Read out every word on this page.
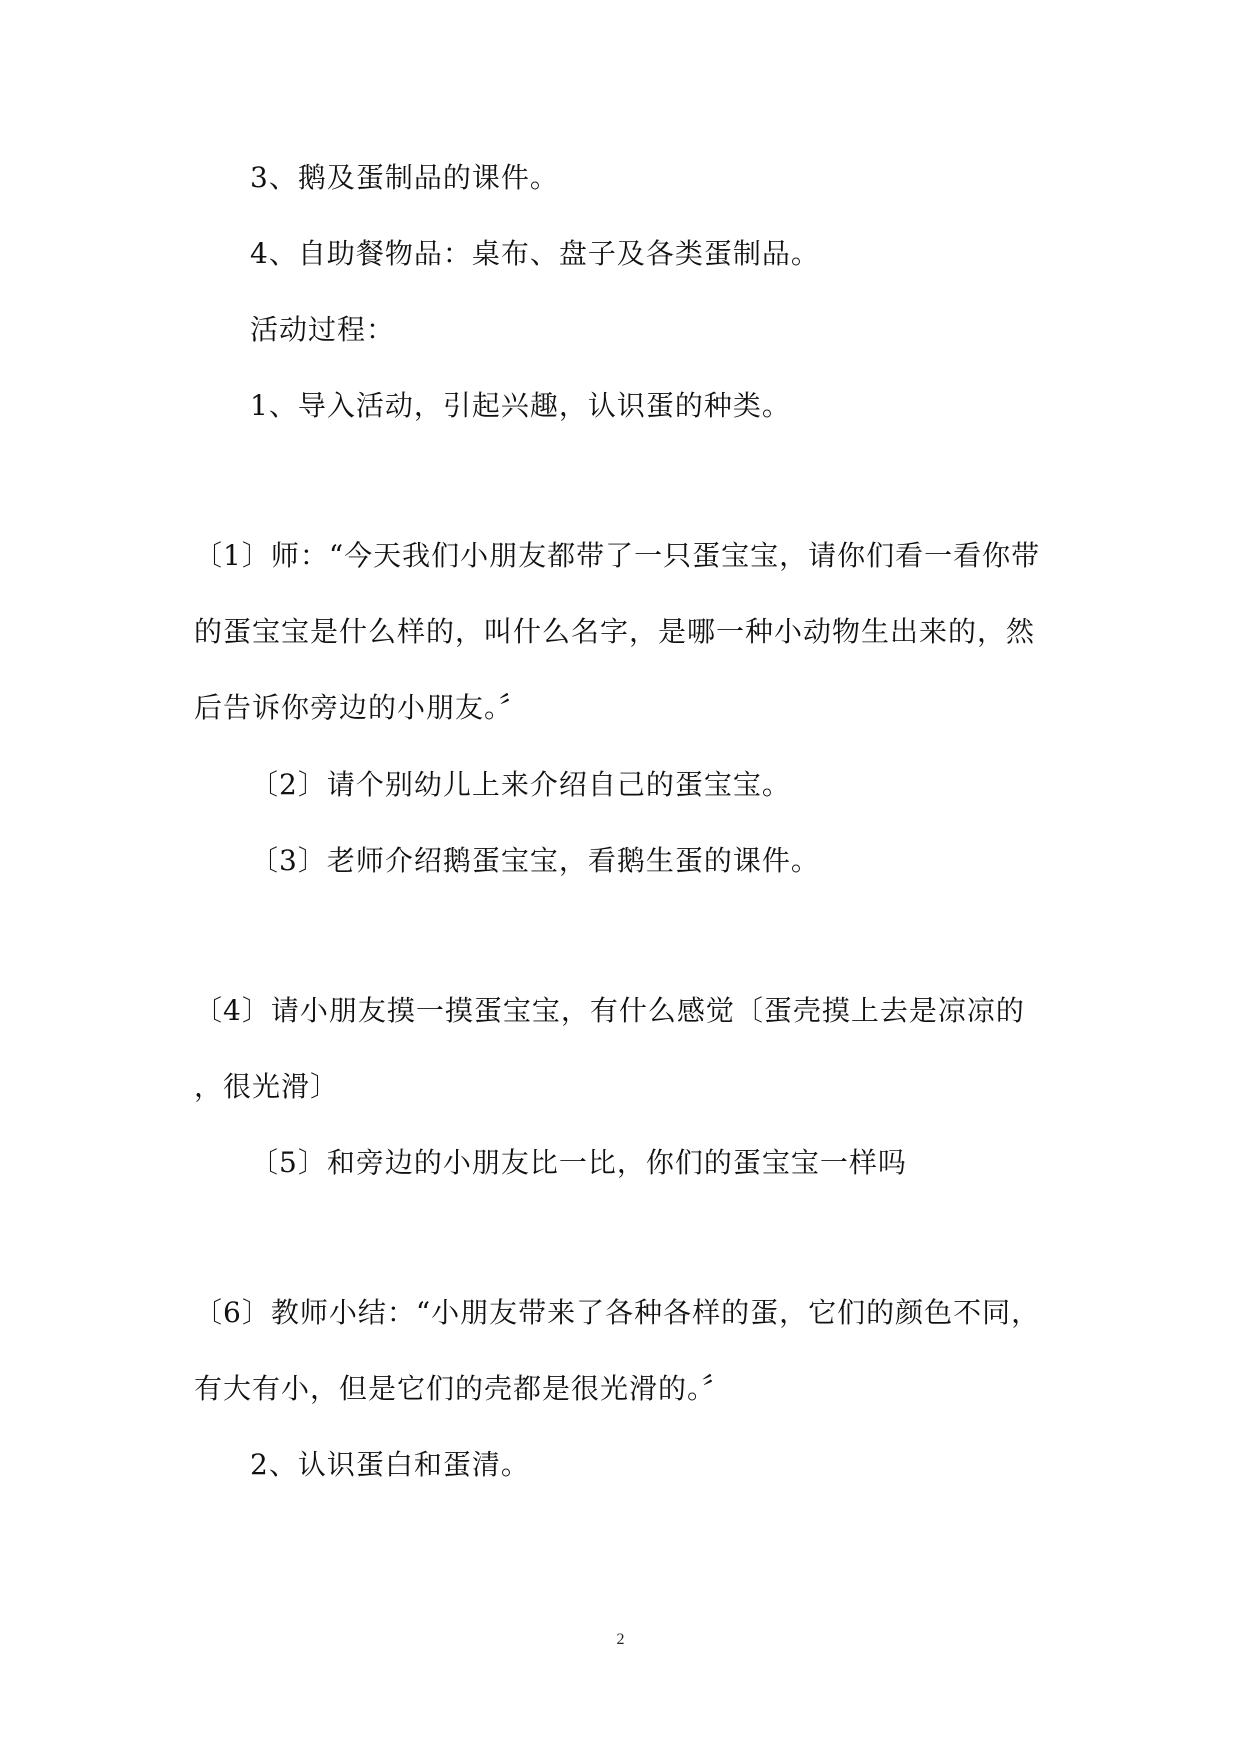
3、鹅及蛋制品的课件。
4、自助餐物品：桌布、盘子及各类蛋制品。
活动过程：
1、导入活动，引起兴趣，认识蛋的种类。
〔1〕师：“今天我们小朋友都带了一只蛋宝宝，请你们看一看你带
的蛋宝宝是什么样的，叫什么名字，是哪一种小动物生出来的，然
后告诉你旁边的小朋友。〞
〔2〕请个别幼儿上来介绍自己的蛋宝宝。
〔3〕老师介绍鹅蛋宝宝，看鹅生蛋的课件。
〔4〕请小朋友摸一摸蛋宝宝，有什么感觉〔蛋壳摸上去是凉凉的
，很光滑〕
〔5〕和旁边的小朋友比一比，你们的蛋宝宝一样吗
〔6〕教师小结：“小朋友带来了各种各样的蛋，它们的颜色不同，
有大有小，但是它们的壳都是很光滑的。〞
2、认识蛋白和蛋清。
2
